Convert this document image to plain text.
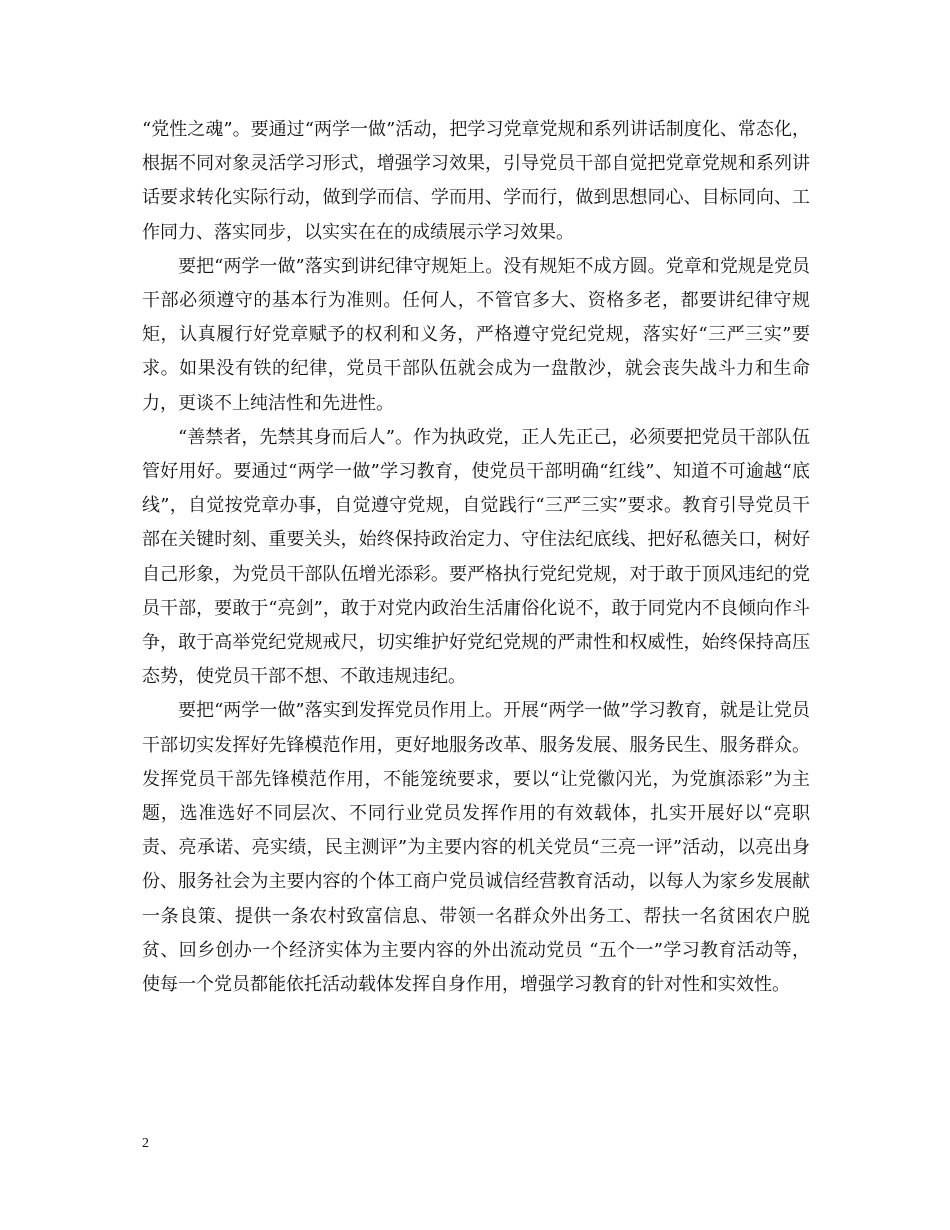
“党性之魂”。要通过“两学一做”活动，把学习党章党规和系列讲话制度化、常态化，根据不同对象灵活学习形式，增强学习效果，引导党员干部自觉把党章党规和系列讲话要求转化实际行动，做到学而信、学而用、学而行，做到思想同心、目标同向、工作同力、落实同步，以实实在在的成绩展示学习效果。

要把“两学一做”落实到讲纪律守规矩上。没有规矩不成方圆。党章和党规是党员干部必须遵守的基本行为准则。任何人，不管官多大、资格多老，都要讲纪律守规矩，认真履行好党章赋予的权利和义务，严格遵守党纪党规，落实好“三严三实”要求。如果没有铁的纪律，党员干部队伍就会成为一盘散沙，就会丧失战斗力和生命力，更谈不上纯洁性和先进性。

“善禁者，先禁其身而后人”。作为执政党，正人先正己，必须要把党员干部队伍管好用好。要通过“两学一做”学习教育，使党员干部明确“红线”、知道不可逾越“底线”，自觉按党章办事，自觉遵守党规，自觉践行“三严三实”要求。教育引导党员干部在关键时刻、重要关头，始终保持政治定力、守住法纪底线、把好私德关口，树好自己形象，为党员干部队伍增光添彩。要严格执行党纪党规，对于敢于顶风违纪的党员干部，要敢于“亮剑”，敢于对党内政治生活庸俗化说不，敢于同党内不良倾向作斗争，敢于高举党纪党规戒尺，切实维护好党纪党规的严肃性和权威性，始终保持高压态势，使党员干部不想、不敢违规违纪。

要把“两学一做”落实到发挥党员作用上。开展“两学一做”学习教育，就是让党员干部切实发挥好先锋模范作用，更好地服务改革、服务发展、服务民生、服务群众。发挥党员干部先锋模范作用，不能笼统要求，要以“让党徽闪光，为党旗添彩”为主题，选准选好不同层次、不同行业党员发挥作用的有效载体，扎实开展好以“亮职责、亮承诺、亮实绩，民主测评”为主要内容的机关党员“三亮一评”活动，以亮出身份、服务社会为主要内容的个体工商户党员诚信经营教育活动，以每人为家乡发展献一条良策、提供一条农村致富信息、带领一名群众外出务工、帮扶一名贫困农户脱贫、回乡创办一个经济实体为主要内容的外出流动党员 “五个一”学习教育活动等，使每一个党员都能依托活动载体发挥自身作用，增强学习教育的针对性和实效性。

2
